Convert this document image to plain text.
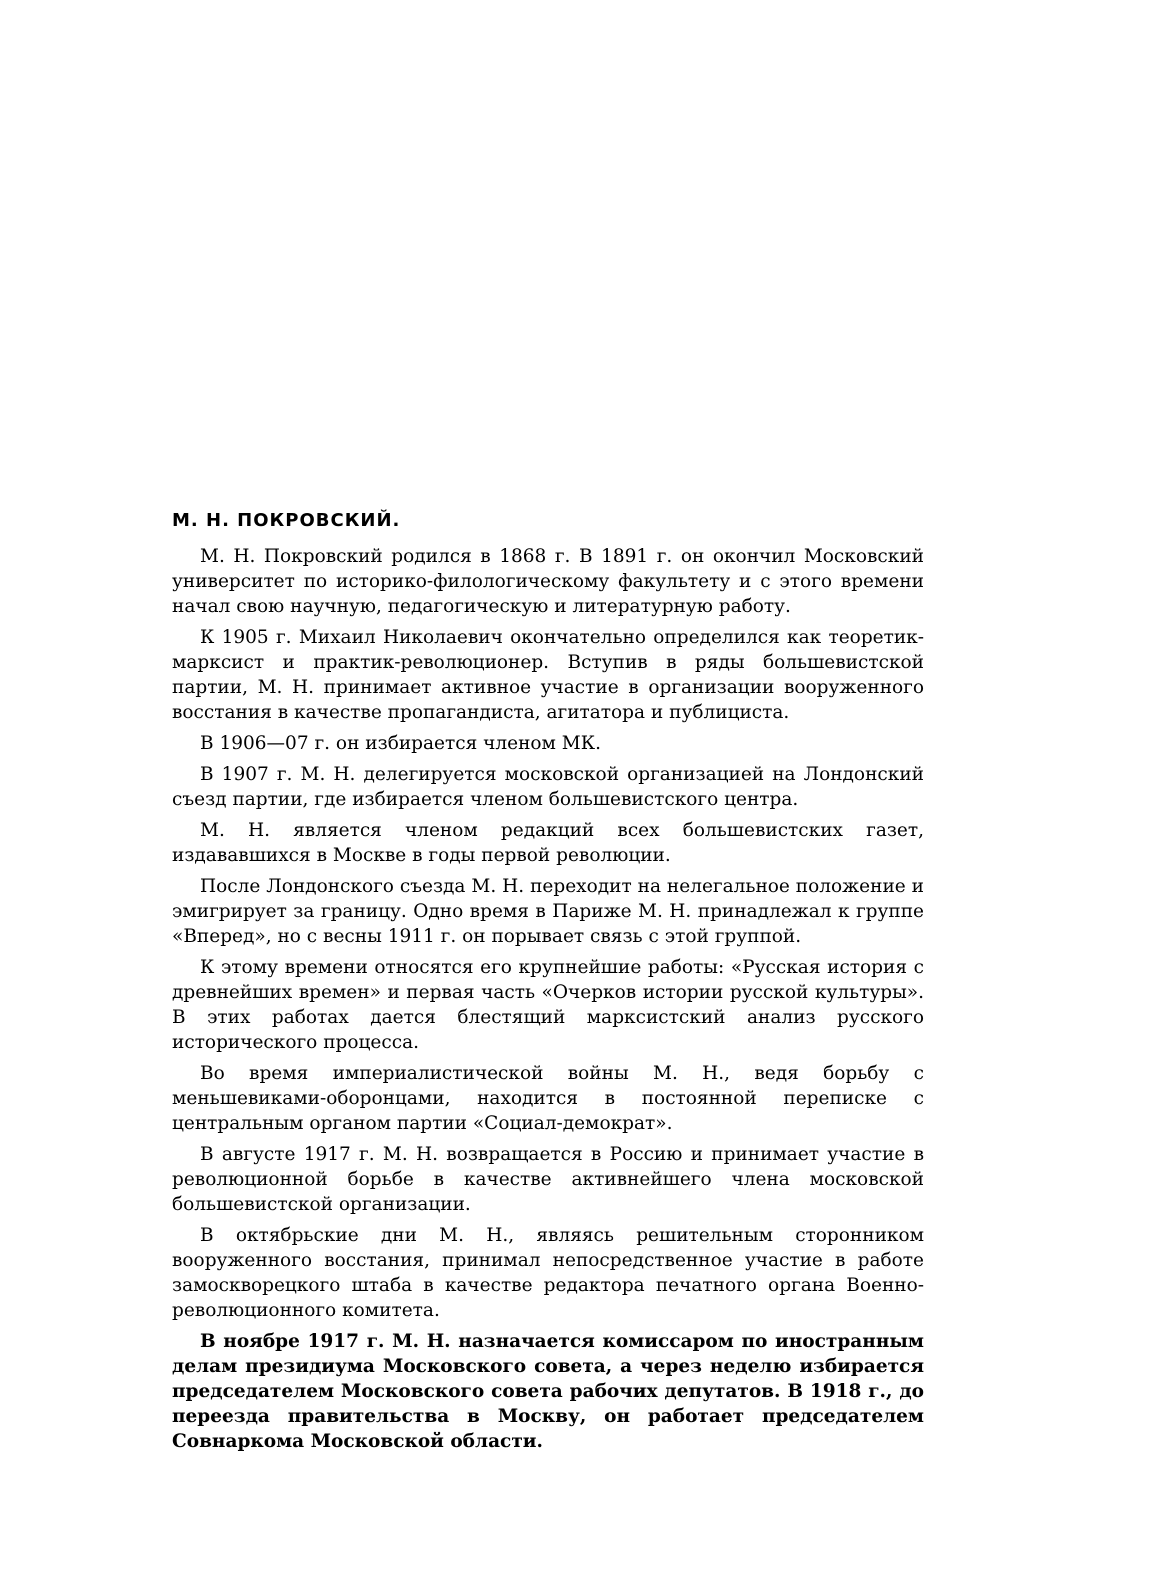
М. Н. ПОКРОВСКИЙ.

М. Н. Покровский родился в 1868 г. В 1891 г. он окончил Московский университет по историко-филологическому факультету и с этого времени начал свою научную, педагогическую и литературную работу.

К 1905 г. Михаил Николаевич окончательно определился как теоретик-марксист и практик-революционер. Вступив в ряды большевистской партии, М. Н. принимает активное участие в организации вооруженного восстания в качестве пропагандиста, агитатора и публициста.

В 1906—07 г. он избирается членом МК.

В 1907 г. М. Н. делегируется московской организацией на Лондонский съезд партии, где избирается членом большевистского центра.

М. Н. является членом редакций всех большевистских газет, издававшихся в Москве в годы первой революции.

После Лондонского съезда М. Н. переходит на нелегальное положение и эмигрирует за границу. Одно время в Париже М. Н. принадлежал к группе «Вперед», но с весны 1911 г. он порывает связь с этой группой.

К этому времени относятся его крупнейшие работы: «Русская история с древнейших времен» и первая часть «Очерков истории русской культуры». В этих работах дается блестящий марксистский анализ русского исторического процесса.

Во время империалистической войны М. Н., ведя борьбу с меньшевиками-оборонцами, находится в постоянной переписке с центральным органом партии «Социал-демократ».

В августе 1917 г. М. Н. возвращается в Россию и принимает участие в революционной борьбе в качестве активнейшего члена московской большевистской организации.

В октябрьские дни М. Н., являясь решительным сторонником вооруженного восстания, принимал непосредственное участие в работе замоскворецкого штаба в качестве редактора печатного органа Военно-революционного комитета.

В ноябре 1917 г. М. Н. назначается комиссаром по иностранным делам президиума Московского совета, а через неделю избирается председателем Московского совета рабочих депутатов. В 1918 г., до переезда правительства в Москву, он работает председателем Совнаркома Московской области.
